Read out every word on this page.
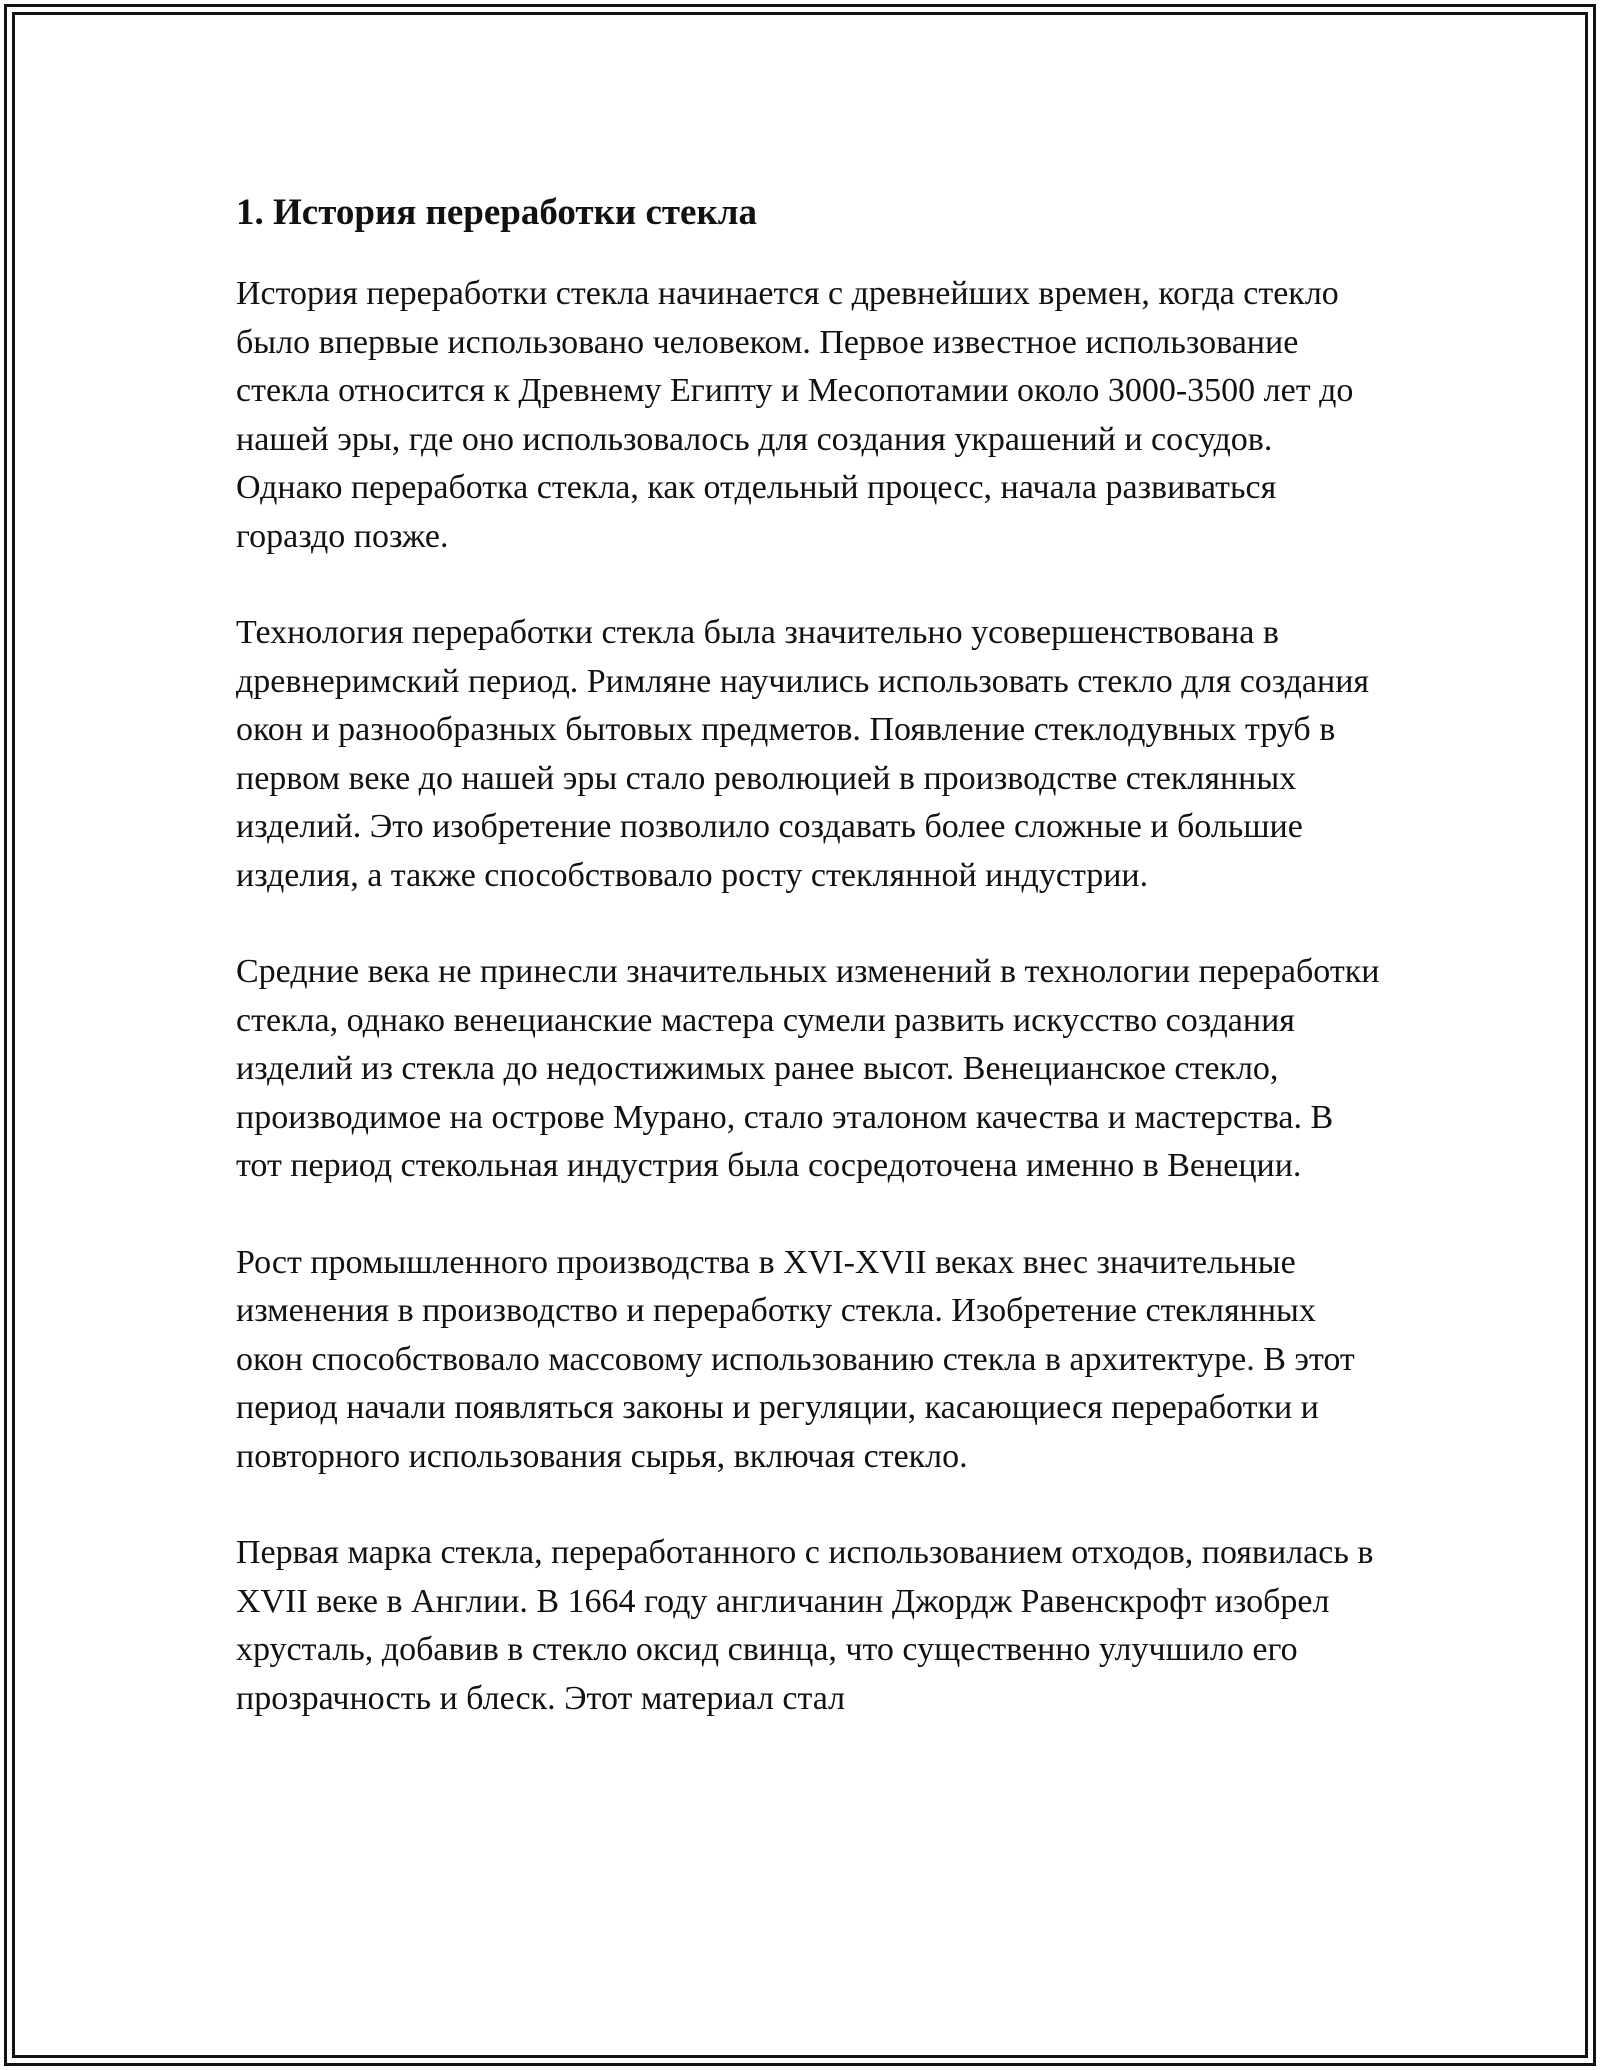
1. История переработки стекла

История переработки стекла начинается с древнейших времен, когда стекло было впервые использовано человеком. Первое известное использование стекла относится к Древнему Египту и Месопотамии около 3000-3500 лет до нашей эры, где оно использовалось для создания украшений и сосудов. Однако переработка стекла, как отдельный процесс, начала развиваться гораздо позже.

Технология переработки стекла была значительно усовершенствована в древнеримский период. Римляне научились использовать стекло для создания окон и разнообразных бытовых предметов. Появление стеклодувных труб в первом веке до нашей эры стало революцией в производстве стеклянных изделий. Это изобретение позволило создавать более сложные и большие изделия, а также способствовало росту стеклянной индустрии.

Средние века не принесли значительных изменений в технологии переработки стекла, однако венецианские мастера сумели развить искусство создания изделий из стекла до недостижимых ранее высот. Венецианское стекло, производимое на острове Мурано, стало эталоном качества и мастерства. В тот период стекольная индустрия была сосредоточена именно в Венеции.

Рост промышленного производства в XVI-XVII веках внес значительные изменения в производство и переработку стекла. Изобретение стеклянных окон способствовало массовому использованию стекла в архитектуре. В этот период начали появляться законы и регуляции, касающиеся переработки и повторного использования сырья, включая стекло.

Первая марка стекла, переработанного с использованием отходов, появилась в XVII веке в Англии. В 1664 году англичанин Джордж Равенскрофт изобрел хрусталь, добавив в стекло оксид свинца, что существенно улучшило его прозрачность и блеск. Этот материал стал
